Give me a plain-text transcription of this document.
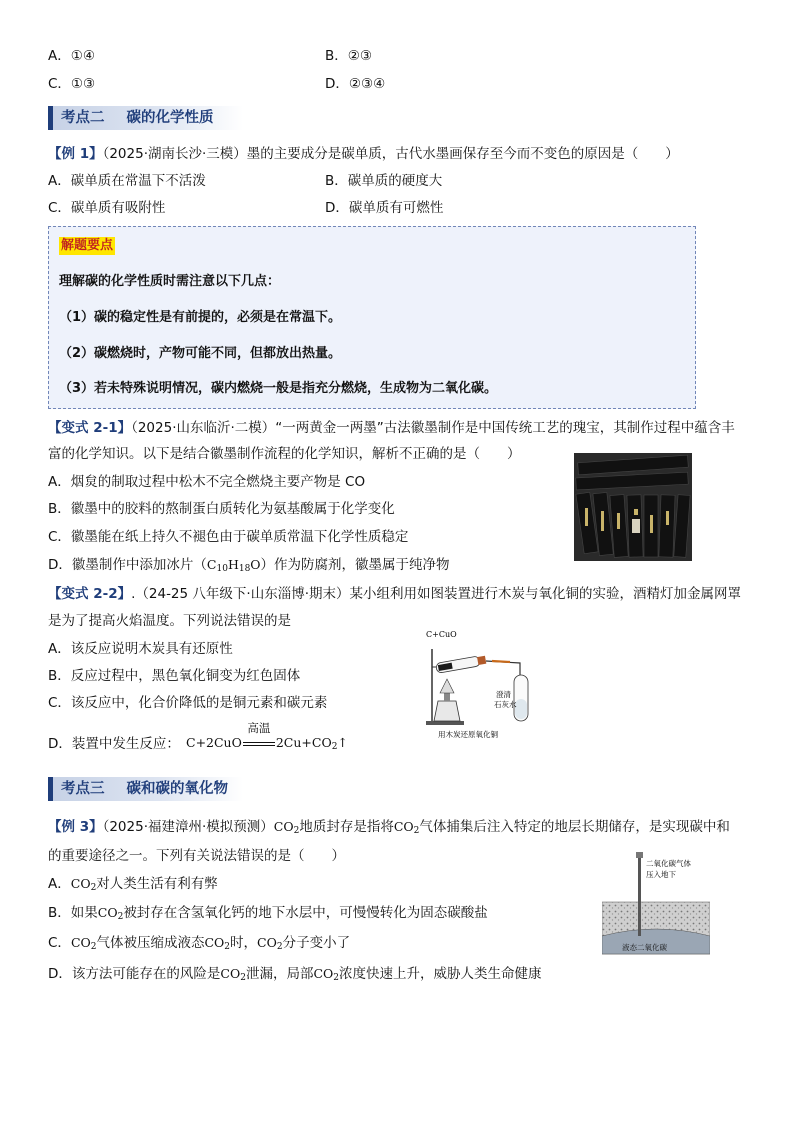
A．①④	B．②③
C．①③	D．②③④
考点二 碳的化学性质
【例 1】（2025·湖南长沙·三模）墨的主要成分是碳单质，古代水墨画保存至今而不变色的原因是（　　）
A．碳单质在常温下不活泼	B．碳单质的硬度大
C．碳单质有吸附性	D．碳单质有可燃性
解题要点
理解碳的化学性质时需注意以下几点：
（1）碳的稳定性是有前提的，必须是在常温下。
（2）碳燃烧时，产物可能不同，但都放出热量。
（3）若未特殊说明情况，碳内燃烧一般是指充分燃烧，生成物为二氧化碳。
【变式 2-1】（2025·山东临沂·二模）“一两黄金一两墨”古法徽墨制作是中国传统工艺的瑰宝，其制作过程中蕴含丰
富的化学知识。以下是结合徽墨制作流程的化学知识，解析不正确的是（　　）
A．烟炱的制取过程中松木不完全燃烧主要产物是 CO
B．徽墨中的胶料的熬制蛋白质转化为氨基酸属于化学变化
C．徽墨能在纸上持久不褪色由于碳单质常温下化学性质稳定
D．徽墨制作中添加冰片$(C_{10}H_{18}O)$作为防腐剂，徽墨属于纯净物
【变式 2-2】.（24-25 八年级下·山东淄博·期末）某小组利用如图装置进行木炭与氧化铜的实验，酒精灯加金属网罩
是为了提高火焰温度。下列说法错误的是
A．该反应说明木炭具有还原性
B．反应过程中，黑色氧化铜变为红色固体
C．该反应中，化合价降低的是铜元素和碳元素
D．装置中发生反应： C+2CuO
高温
$2Cu+CO_2↑$
C+CuO
澄清
石灰水
用木炭还原氧化铜
考点三 碳和碳的氧化物
【例 3】（2025·福建漳州·模拟预测）$CO_2$地质封存是指将$CO_2$气体捕集后注入特定的地层长期储存，是实现碳中和
的重要途径之一。下列有关说法错误的是（　　）
A．$CO_2$对人类生活有利有弊
B．如果$CO_2$被封存在含氢氧化钙的地下水层中，可慢慢转化为固态碳酸盐
C．$CO_2$气体被压缩成液态$CO_2$时，$CO_2$分子变小了
D．该方法可能存在的风险是$CO_2$泄漏，局部$CO_2$浓度快速上升，威胁人类生命健康
二氧化碳气体
压入地下
液态二氧化碳
